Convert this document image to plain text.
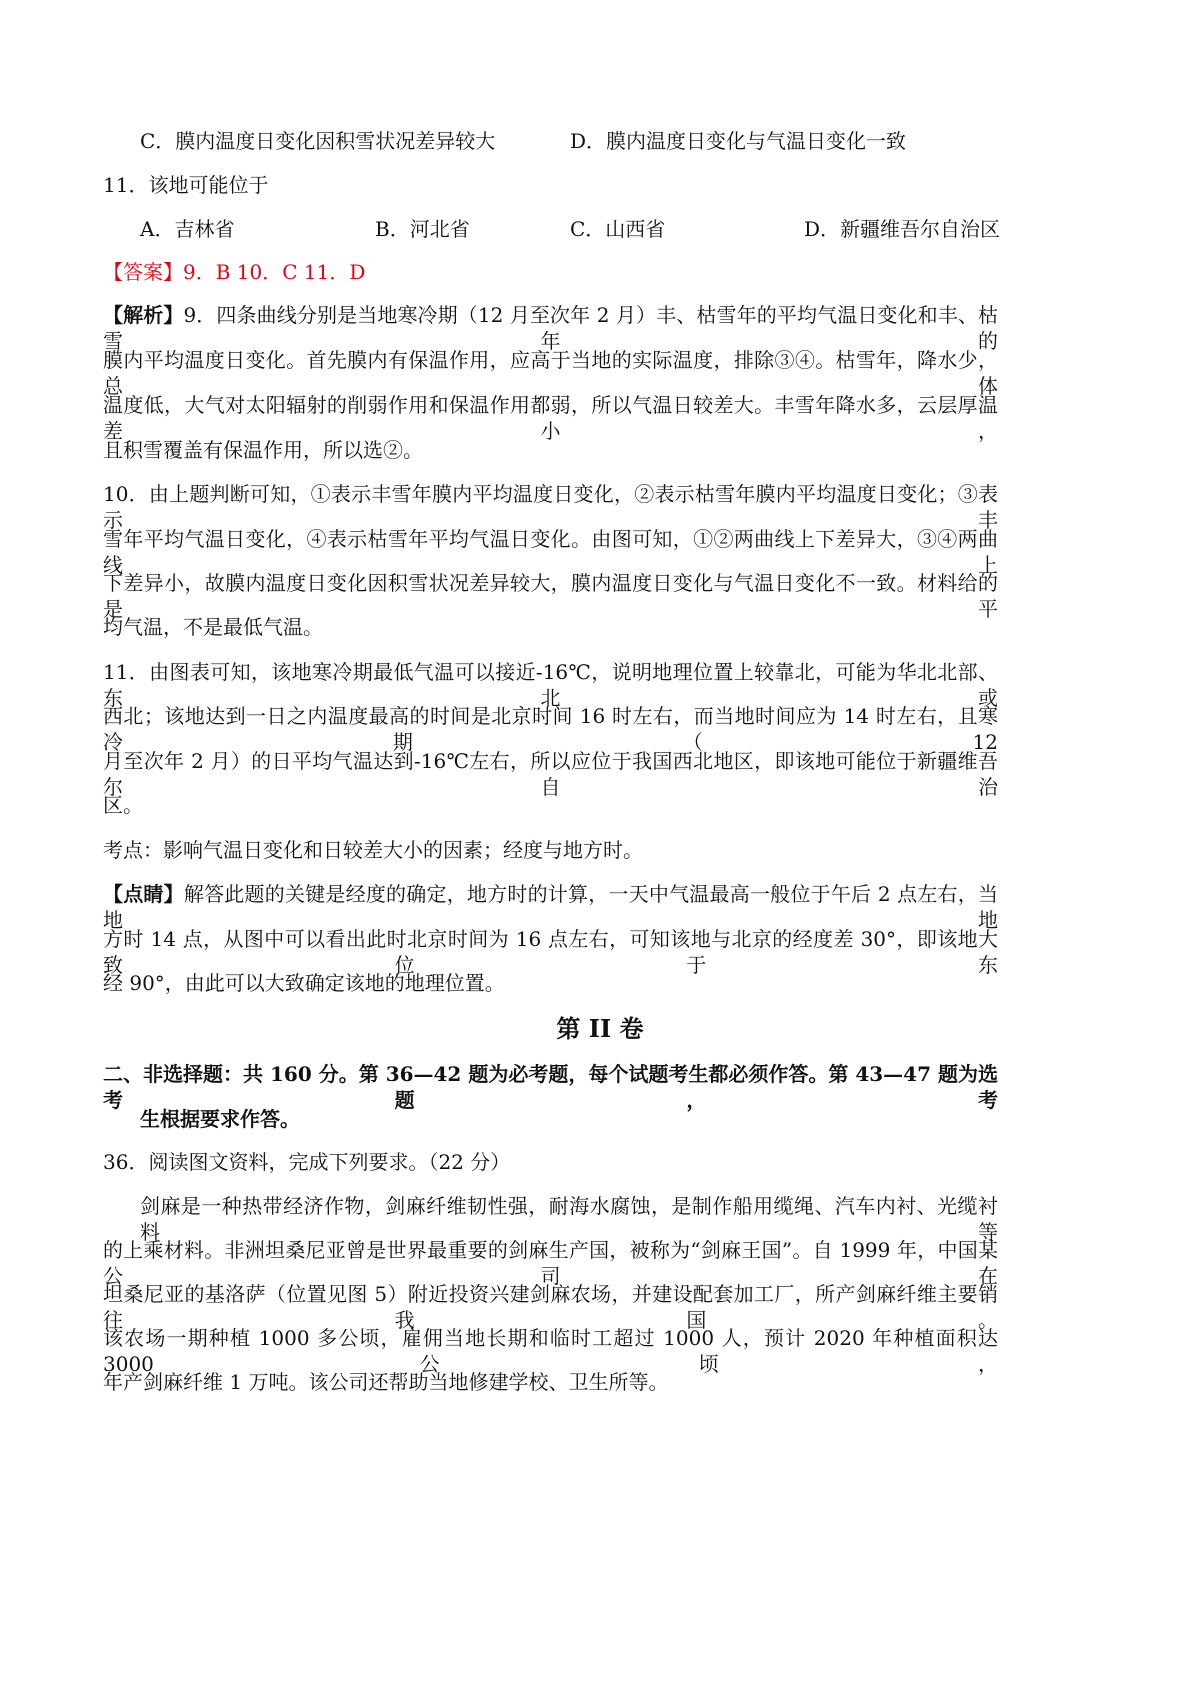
C．膜内温度日变化因积雪状况差异较大	D．膜内温度日变化与气温日变化一致
11．该地可能位于
A．吉林省	B．河北省	C．山西省	D．新疆维吾尔自治区
【答案】9．B 10．C 11．D
【解析】9．四条曲线分别是当地寒冷期（12 月至次年 2 月）丰、枯雪年的平均气温日变化和丰、枯雪年的
膜内平均温度日变化。首先膜内有保温作用，应高于当地的实际温度，排除③④。枯雪年，降水少，总体
温度低，大气对太阳辐射的削弱作用和保温作用都弱，所以气温日较差大。丰雪年降水多，云层厚温差小，
且积雪覆盖有保温作用，所以选②。
10．由上题判断可知，①表示丰雪年膜内平均温度日变化，②表示枯雪年膜内平均温度日变化；③表示丰
雪年平均气温日变化，④表示枯雪年平均气温日变化。由图可知，①②两曲线上下差异大，③④两曲线上
下差异小，故膜内温度日变化因积雪状况差异较大，膜内温度日变化与气温日变化不一致。材料给的是平
均气温，不是最低气温。
11．由图表可知，该地寒冷期最低气温可以接近-16℃，说明地理位置上较靠北，可能为华北北部、东北或
西北；该地达到一日之内温度最高的时间是北京时间 16 时左右，而当地时间应为 14 时左右，且寒冷期（12
月至次年 2 月）的日平均气温达到-16℃左右，所以应位于我国西北地区，即该地可能位于新疆维吾尔自治
区。
考点：影响气温日变化和日较差大小的因素；经度与地方时。
【点睛】解答此题的关键是经度的确定，地方时的计算，一天中气温最高一般位于午后 2 点左右，当地地
方时 14 点，从图中可以看出此时北京时间为 16 点左右，可知该地与北京的经度差 30°，即该地大致位于东
经 90°，由此可以大致确定该地的地理位置。
第 II 卷
二、非选择题：共 160 分。第 36—42 题为必考题，每个试题考生都必须作答。第 43—47 题为选考题，考
生根据要求作答。
36．阅读图文资料，完成下列要求。（22 分）
剑麻是一种热带经济作物，剑麻纤维韧性强，耐海水腐蚀，是制作船用缆绳、汽车内衬、光缆衬料等
的上乘材料。非洲坦桑尼亚曾是世界最重要的剑麻生产国，被称为“剑麻王国”。自 1999 年，中国某公司在
坦桑尼亚的基洛萨（位置见图 5）附近投资兴建剑麻农场，并建设配套加工厂，所产剑麻纤维主要销往我国。
该农场一期种植 1000 多公顷，雇佣当地长期和临时工超过 1000 人，预计 2020 年种植面积达 3000 公顷，
年产剑麻纤维 1 万吨。该公司还帮助当地修建学校、卫生所等。
